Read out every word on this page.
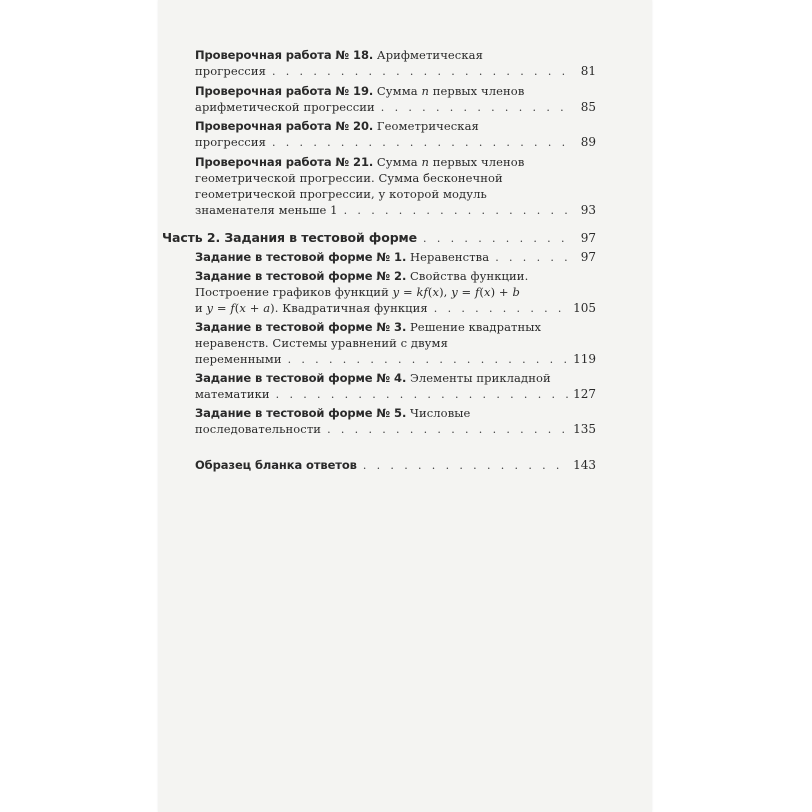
Проверочная работа № 18. Арифметическая
прогрессия . . .	81
Проверочная работа № 19. Сумма n первых членов
арифметической прогрессии . . .	85
Проверочная работа № 20. Геометрическая
прогрессия . . .	89
Проверочная работа № 21. Сумма n первых членов
геометрической прогрессии. Сумма бесконечной
геометрической прогрессии, у которой модуль
знаменателя меньше 1 . . .	93
Часть 2. Задания в тестовой форме . . .	97
Задание в тестовой форме № 1. Неравенства . . .	97
Задание в тестовой форме № 2. Свойства функции.
Построение графиков функций y = kf(x), y = f(x) + b
и y = f(x + a). Квадратичная функция . . .	105
Задание в тестовой форме № 3. Решение квадратных
неравенств. Системы уравнений с двумя
переменными . . .	119
Задание в тестовой форме № 4. Элементы прикладной
математики . . .	127
Задание в тестовой форме № 5. Числовые
последовательности . . .	135
Образец бланка ответов . . .	143
